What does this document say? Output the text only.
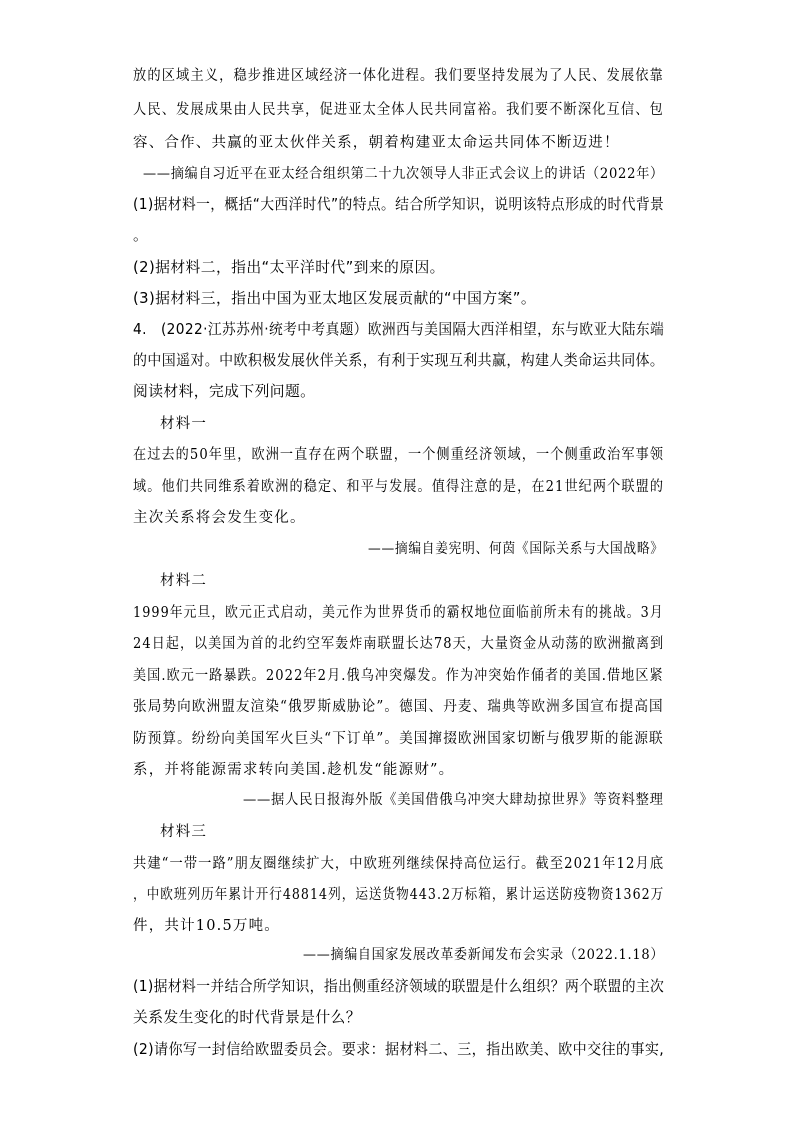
放的区域主义，稳步推进区域经济一体化进程。我们要坚持发展为了人民、发展依靠
人民、发展成果由人民共享，促进亚太全体人民共同富裕。我们要不断深化互信、包
容、合作、共赢的亚太伙伴关系，朝着构建亚太命运共同体不断迈进！
——摘编自习近平在亚太经合组织第二十九次领导人非正式会议上的讲话（2022年）
(1)据材料一，概括“大西洋时代”的特点。结合所学知识，说明该特点形成的时代背景
。
(2)据材料二，指出“太平洋时代”到来的原因。
(3)据材料三，指出中国为亚太地区发展贡献的“中国方案”。
4.　(2022·江苏苏州·统考中考真题）欧洲西与美国隔大西洋相望，东与欧亚大陆东端
的中国遥对。中欧积极发展伙伴关系，有利于实现互利共赢，构建人类命运共同体。
阅读材料，完成下列问题。
材料一
在过去的50年里，欧洲一直存在两个联盟，一个侧重经济领域，一个侧重政治军事领
域。他们共同维系着欧洲的稳定、和平与发展。值得注意的是，在21世纪两个联盟的
主次关系将会发生变化。
——摘编自姜宪明、何茵《国际关系与大国战略》
材料二
1999年元旦，欧元正式启动，美元作为世界货币的霸权地位面临前所未有的挑战。3月
24日起，以美国为首的北约空军轰炸南联盟长达78天，大量资金从动荡的欧洲撤离到
美国.欧元一路暴跌。2022年2月.俄乌冲突爆发。作为冲突始作俑者的美国.借地区紧
张局势向欧洲盟友渲染“俄罗斯威胁论”。德国、丹麦、瑞典等欧洲多国宣布提高国
防预算。纷纷向美国军火巨头“下订单”。美国撺掇欧洲国家切断与俄罗斯的能源联
系，并将能源需求转向美国.趁机发“能源财”。
——据人民日报海外版《美国借俄乌冲突大肆劫掠世界》等资料整理
材料三
共建“一带一路”朋友圈继续扩大，中欧班列继续保持高位运行。截至2021年12月底
，中欧班列历年累计开行48814列，运送货物443.2万标箱，累计运送防疫物资1362万
件，共计10.5万吨。
——摘编自国家发展改革委新闻发布会实录（2022.1.18）
(1)据材料一并结合所学知识，指出侧重经济领域的联盟是什么组织？两个联盟的主次
关系发生变化的时代背景是什么？
(2)请你写一封信给欧盟委员会。要求：据材料二、三，指出欧美、欧中交往的事实,
